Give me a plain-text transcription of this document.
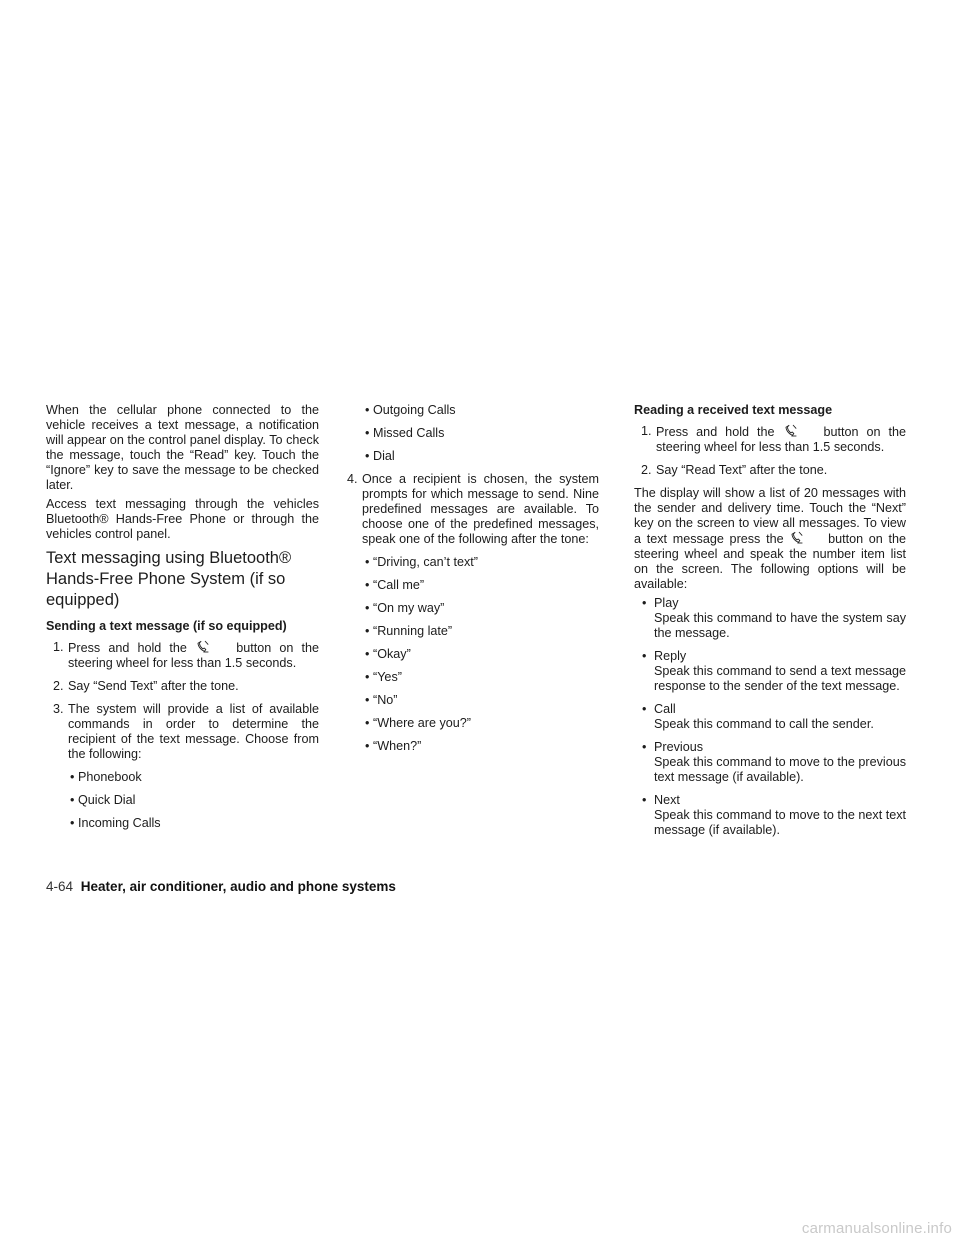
When the cellular phone connected to the vehicle receives a text message, a notification will appear on the control panel display. To check the message, touch the “Read” key. Touch the “Ignore” key to save the message to be checked later.

Access text messaging through the vehicles Bluetooth® Hands-Free Phone or through the vehicles control panel.

Text messaging using Bluetooth® Hands-Free Phone System (if so equipped)
Sending a text message (if so equipped)
1. Press and hold the	button on the steering wheel for less than 1.5 seconds.
2. Say “Send Text” after the tone.
3. The system will provide a list of available commands in order to determine the recipient of the text message. Choose from the following:
• Phonebook
• Quick Dial
• Incoming Calls
• Outgoing Calls
• Missed Calls
• Dial
4. Once a recipient is chosen, the system prompts for which message to send. Nine predefined messages are available. To choose one of the predefined messages, speak one of the following after the tone:
• “Driving, can’t text”
• “Call me”
• “On my way”
• “Running late”
• “Okay”
• “Yes”
• “No”
• “Where are you?”
• “When?”
Reading a received text message
1. Press and hold the	button on the steering wheel for less than 1.5 seconds.
2. Say “Read Text” after the tone.

The display will show a list of 20 messages with the sender and delivery time. Touch the “Next” key on the screen to view all messages. To view a text message press the	button on the steering wheel and speak the number item list on the screen. The following options will be available:

• Play
Speak this command to have the system say the message.
• Reply
Speak this command to send a text message response to the sender of the text message.
• Call
Speak this command to call the sender.
• Previous
Speak this command to move to the previous text message (if available).
• Next
Speak this command to move to the next text message (if available).
4-64 Heater, air conditioner, audio and phone systems
carmanualsonline.info
